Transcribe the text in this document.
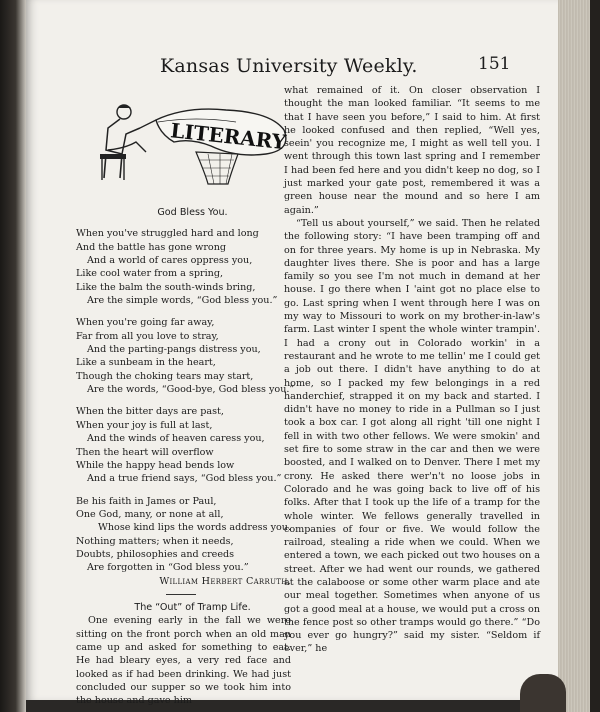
Kansas University Weekly.	151
LITERARY
God Bless You.
When you've struggled hard and long
And the battle has gone wrong
And a world of cares oppress you,
Like cool water from a spring,
Like the balm the south-winds bring,
Are the simple words, “God bless you.”
When you're going far away,
Far from all you love to stray,
And the parting-pangs distress you,
Like a sunbeam in the heart,
Though the choking tears may start,
Are the words, “Good-bye, God bless you.”
When the bitter days are past,
When your joy is full at last,
And the winds of heaven caress you,
Then the heart will overflow
While the happy head bends low
And a true friend says, “God bless you.”
Be his faith in James or Paul,
One God, many, or none at all,
Whose kind lips the words address you.
Nothing matters; when it needs,
Doubts, philosophies and creeds
Are forgotten in “God bless you.”
William Herbert Carruth.
The “Out” of Tramp Life.

One evening early in the fall we were sitting on the front porch when an old man came up and asked for something to eat. He had bleary eyes, a very red face and looked as if had been drinking. We had just concluded our supper so we took him into the house and gave him

what remained of it. On closer observation I thought the man looked familiar. “It seems to me that I have seen you before,” I said to him. At first he looked confused and then replied, “Well yes, seein' you recognize me, I might as well tell you. I went through this town last spring and I remember I had been fed here and you didn't keep no dog, so I just marked your gate post, remembered it was a green house near the mound and so here I am again.”

“Tell us about yourself,” we said. Then he related the following story: “I have been tramping off and on for three years. My home is up in Nebraska. My daughter lives there. She is poor and has a large family so you see I'm not much in demand at her house. I go there when I 'aint got no place else to go. Last spring when I went through here I was on my way to Missouri to work on my brother-in-law's farm. Last winter I spent the whole winter trampin'. I had a crony out in Colorado workin' in a restaurant and he wrote to me tellin' me I could get a job out there. I didn't have anything to do at home, so I packed my few belongings in a red handerchief, strapped it on my back and started. I didn't have no money to ride in a Pullman so I just took a box car. I got along all right 'till one night I fell in with two other fellows. We were smokin' and set fire to some straw in the car and then we were boosted, and I walked on to Denver. There I met my crony. He asked there wer'n't no loose jobs in Colorado and he was going back to live off of his folks. After that I took up the life of a tramp for the whole winter. We fellows generally travelled in companies of four or five. We would follow the railroad, stealing a ride when we could. When we entered a town, we each picked out two houses on a street. After we had went our rounds, we gathered at the calaboose or some other warm place and ate our meal together. Sometimes when anyone of us got a good meal at a house, we would put a cross on the fence post so other tramps would go there.” “Do you ever go hungry?” said my sister. “Seldom if ever,” he
